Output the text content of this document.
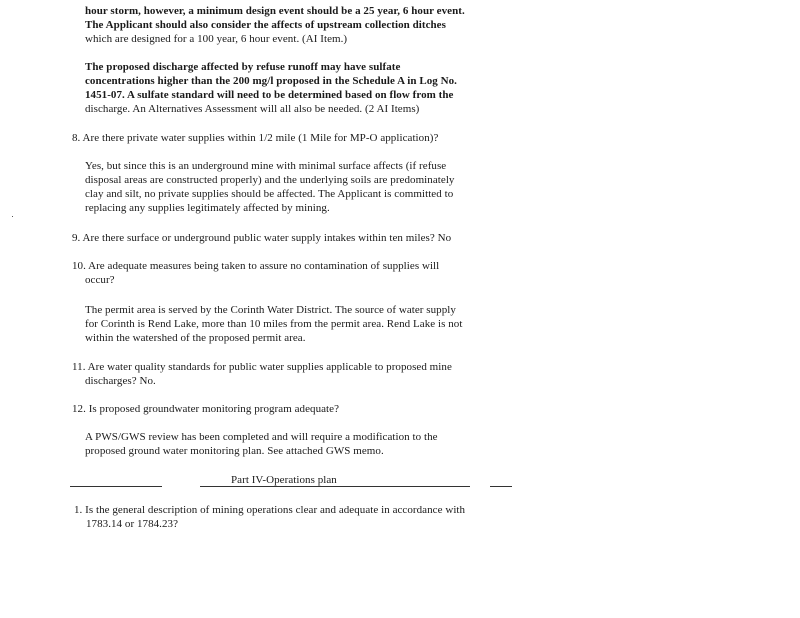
hour storm, however, a minimum design event should be a 25 year, 6 hour event.
The Applicant should also consider the affects of upstream collection ditches
which are designed for a 100 year, 6 hour event. (AI Item.)
The proposed discharge affected by refuse runoff may have sulfate
concentrations higher than the 200 mg/l proposed in the Schedule A in Log No.
1451-07. A sulfate standard will need to be determined based on flow from the
discharge. An Alternatives Assessment will all also be needed. (2 AI Items)
8. Are there private water supplies within 1/2 mile (1 Mile for MP-O application)?
Yes, but since this is an underground mine with minimal surface affects (if refuse
disposal areas are constructed properly) and the underlying soils are predominately
clay and silt, no private supplies should be affected. The Applicant is committed to
replacing any supplies legitimately affected by mining.
9. Are there surface or underground public water supply intakes within ten miles? No
10. Are adequate measures being taken to assure no contamination of supplies will
occur?
The permit area is served by the Corinth Water District. The source of water supply
for Corinth is Rend Lake, more than 10 miles from the permit area. Rend Lake is not
within the watershed of the proposed permit area.
11. Are water quality standards for public water supplies applicable to proposed mine
discharges? No.
12. Is proposed groundwater monitoring program adequate?
A PWS/GWS review has been completed and will require a modification to the
proposed ground water monitoring plan. See attached GWS memo.
Part IV-Operations plan
1. Is the general description of mining operations clear and adequate in accordance with
1783.14 or 1784.23?
